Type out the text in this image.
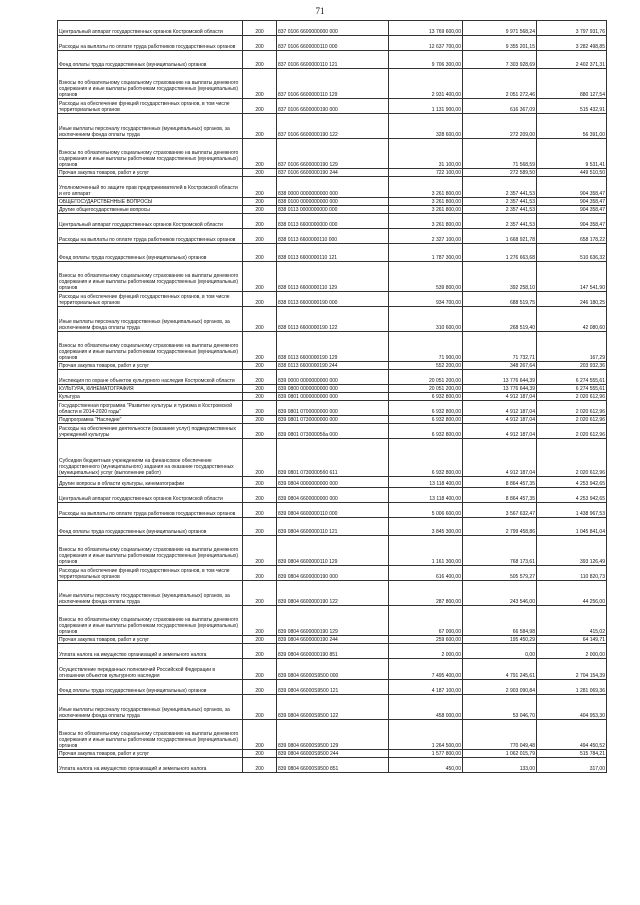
71
Центральный аппарат государственных органов Костромской области	200	837 0106 6600000000 000	13 769 600,00	9 971 568,24	3 797 931,76
Расходы на выплаты по оплате труда работников государственных органов	200	837 0106 6600000110 000	12 637 700,00	9 355 201,15	3 282 498,85
Фонд оплаты труда государственных (муниципальных) органов	200	837 0106 6600000110 121	9 706 300,00	7 303 928,69	2 402 371,31
Взносы по обязательному социальному страхованию на выплаты денежного содержания и иные выплаты работникам государственных (муниципальных) органов	200	837 0106 6600000110 129	2 931 400,00	2 051 272,46	880 127,54
Расходы на обеспечение функций государственных органов, в том числе территориальных органов	200	837 0106 6600000190 000	1 131 900,00	616 367,09	515 432,91
Иные выплаты персоналу государственных (муниципальных) органов, за исключением фонда оплаты труда	200	837 0106 6600000190 122	328 600,00	272 209,00	56 391,00
Взносы по обязательному социальному страхованию на выплаты денежного содержания и иные выплаты работникам государственных (муниципальных) органов	200	837 0106 6600000190 129	31 100,00	71 568,59	9 531,41
Прочая закупка товаров, работ и услуг	200	837 0106 6600000190 244	722 100,00	272 589,50	449 510,50
Уполномоченный по защите прав предпринимателей в Костромской области и его аппарат	200	838 0000 0000000000 000	3 261 800,00	2 357 441,53	904 358,47
ОБЩЕГОСУДАРСТВЕННЫЕ ВОПРОСЫ	200	838 0100 0000000000 000	3 261 800,00	2 357 441,53	904 358,47
Другие общегосударственные вопросы	200	838 0113 0000000000 000	3 261 800,00	2 357 441,53	904 358,47
Центральный аппарат государственных органов Костромской области	200	838 0113 6600000000 000	3 261 800,00	2 357 441,53	904 358,47
Расходы на выплаты по оплате труда работников государственных органов	200	838 0113 6600000110 000	2 327 100,00	1 668 921,78	658 178,22
Фонд оплаты труда государственных (муниципальных) органов	200	838 0113 6600000110 121	1 787 300,00	1 276 663,68	510 636,32
Взносы по обязательному социальному страхованию на выплаты денежного содержания и иные выплаты работникам государственных (муниципальных) органов	200	838 0113 6600000110 129	539 800,00	392 258,10	147 541,90
Расходы на обеспечение функций государственных органов, в том числе территориальных органов	200	838 0113 6600000190 000	934 700,00	688 519,75	246 180,25
Иные выплаты персоналу государственных (муниципальных) органов, за исключением фонда оплаты труда	200	838 0113 6600000190 122	310 600,00	268 519,40	42 080,60
Взносы по обязательному социальному страхованию на выплаты денежного содержания и иные выплаты работникам государственных (муниципальных) органов	200	838 0113 6600000190 129	71 900,00	71 732,71	167,29
Прочая закупка товаров, работ и услуг	200	838 0113 6600000190 244	552 200,00	348 267,64	203 932,36
Инспекция по охране объектов культурного наследия Костромской области	200	839 0000 0000000000 000	20 051 200,00	13 776 644,39	6 274 555,61
КУЛЬТУРА, КИНЕМАТОГРАФИЯ	200	839 0800 0000000000 000	20 051 200,00	13 776 644,39	6 274 555,61
Культура	200	839 0801 0000000000 000	6 932 800,00	4 912 187,04	2 020 612,96
Государственная программа "Развитие культуры и туризма в Костромской области в 2014-2020 годы"	200	839 0801 0700000000 000	6 932 800,00	4 912 187,04	2 020 612,96
Подпрограмма "Наследие"	200	839 0801 0730000000 000	6 932 800,00	4 912 187,04	2 020 612,96
Расходы на обеспечение деятельности (оказание услуг) подведомственных учреждений культуры	200	839 0801 07300005ба 000	6 932 800,00	4 912 187,04	2 020 612,96
Субсидии бюджетным учреждениям на финансовое обеспечение государственного (муниципального) задания на оказание государственных (муниципальных) услуг (выполнение работ)	200	839 0801 07300005б0 611	6 932 800,00	4 912 187,04	2 020 612,96
Другие вопросы в области культуры, кинематографии	200	839 0804 0000000000 000	13 118 400,00	8 864 457,35	4 253 942,65
Центральный аппарат государственных органов Костромской области	200	839 0804 6600000000 000	13 118 400,00	8 864 457,35	4 253 942,65
Расходы на выплаты по оплате труда работников государственных органов	200	839 0804 6600000110 000	5 006 600,00	3 567 632,47	1 438 967,53
Фонд оплаты труда государственных (муниципальных) органов	200	839 0804 6600000110 121	3 845 300,00	2 799 458,86	1 045 841,04
Взносы по обязательному социальному страхованию на выплаты денежного содержания и иные выплаты работникам государственных (муниципальных) органов	200	839 0804 6600000110 129	1 161 300,00	768 173,61	393 126,49
Расходы на обеспечение функций государственных органов, в том числе территориальных органов	200	839 0804 6600000190 000	616 400,00	505 579,27	110 820,73
Иные выплаты персоналу государственных (муниципальных) органов, за исключением фонда оплаты труда	200	839 0804 6600000190 122	287 800,00	243 546,00	44 256,00
Взносы по обязательному социальному страхованию на выплаты денежного содержания и иные выплаты работникам государственных (муниципальных) органов	200	839 0804 6600000190 129	67 000,00	66 584,98	415,02
Прочая закупка товаров, работ и услуг	200	839 0804 6600000190 244	259 600,00	195 450,29	64 149,71
Уплата налога на имущество организаций и земельного налога	200	839 0804 6600000190 851	2 000,00	0,00	2 000,00
Осуществление переданных полномочий Российской Федерации в отношении объектов культурного наследия	200	839 0804 66000S9500 000	7 495 400,00	4 791 245,61	2 704 154,39
Фонд оплаты труда государственных (муниципальных) органов	200	839 0804 66000S9500 121	4 187 100,00	2 903 090,84	1 281 069,36
Иные выплаты персоналу государственных (муниципальных) органов, за исключением фонда оплаты труда	200	839 0804 66000S9500 122	458 000,00	53 046,70	404 953,30
Взносы по обязательному социальному страхованию на выплаты денежного содержания и иные выплаты работникам государственных (муниципальных) органов	200	839 0804 66000S9500 129	1 264 500,00	770 049,48	494 450,52
Прочая закупка товаров, работ и услуг	200	839 0804 66000S9500 244	1 577 800,00	1 062 015,79	515 784,21
Уплата налога на имущество организаций и земельного налога	200	839 0804 66000S9500 851	450,00	133,00	317,00
